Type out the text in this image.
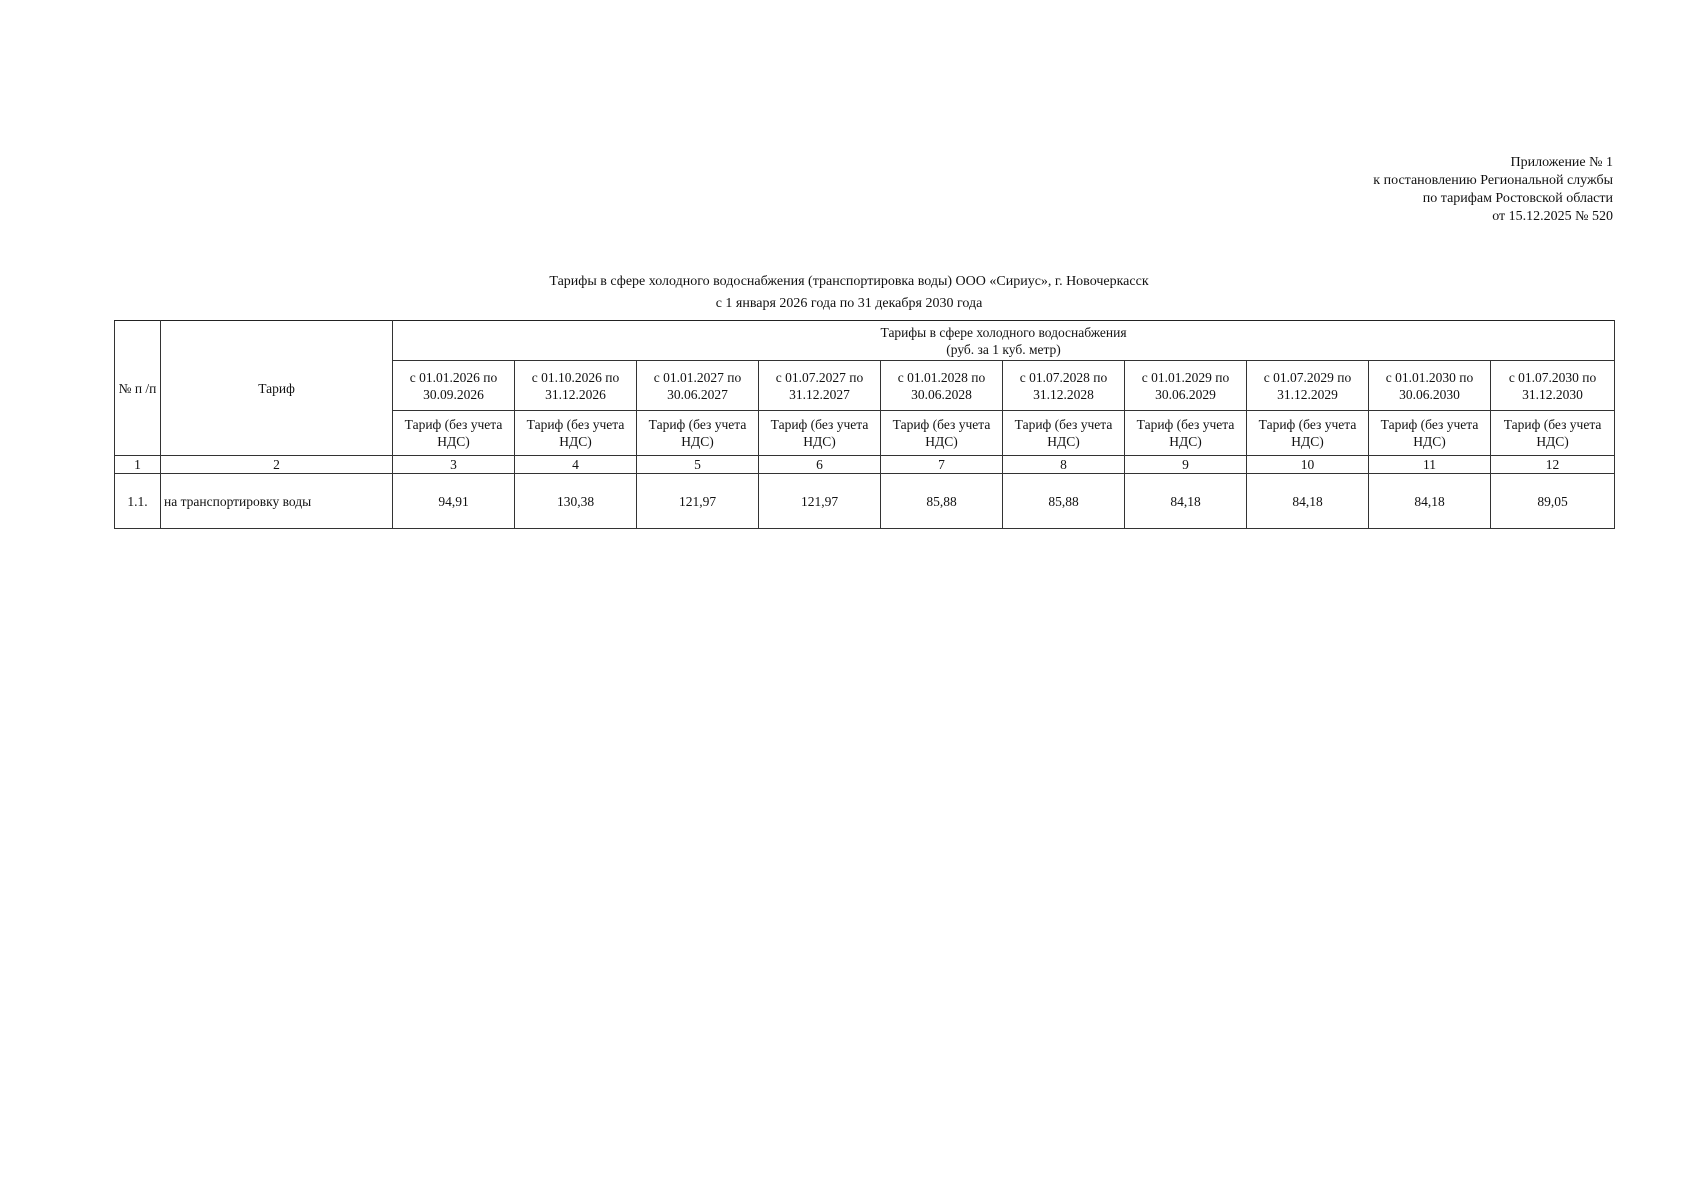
Приложение № 1
к постановлению Региональной службы
по тарифам Ростовской области
от 15.12.2025 № 520
Тарифы в сфере холодного водоснабжения (транспортировка воды) ООО «Сириус», г. Новочеркасск
с 1 января 2026 года по 31 декабря 2030 года
№ п /п	Тариф	Тарифы в сфере холодного водоснабжения
(руб. за 1 куб. метр)									

		с 01.01.2026 по 30.09.2026	с 01.10.2026 по 31.12.2026	с 01.01.2027 по 30.06.2027	с 01.07.2027 по 31.12.2027	с 01.01.2028 по 30.06.2028	с 01.07.2028 по 31.12.2028	с 01.01.2029 по 30.06.2029	с 01.07.2029 по 31.12.2029	с 01.01.2030 по 30.06.2030	с 01.07.2030 по 31.12.2030
		Тариф (без учета НДС)	Тариф (без учета НДС)	Тариф (без учета НДС)	Тариф (без учета НДС)	Тариф (без учета НДС)	Тариф (без учета НДС)	Тариф (без учета НДС)	Тариф (без учета НДС)	Тариф (без учета НДС)	Тариф (без учета НДС)
1	2	3	4	5	6	7	8	9	10	11	12
1.1.	на транспортировку воды	94,91	130,38	121,97	121,97	85,88	85,88	84,18	84,18	84,18	89,05
